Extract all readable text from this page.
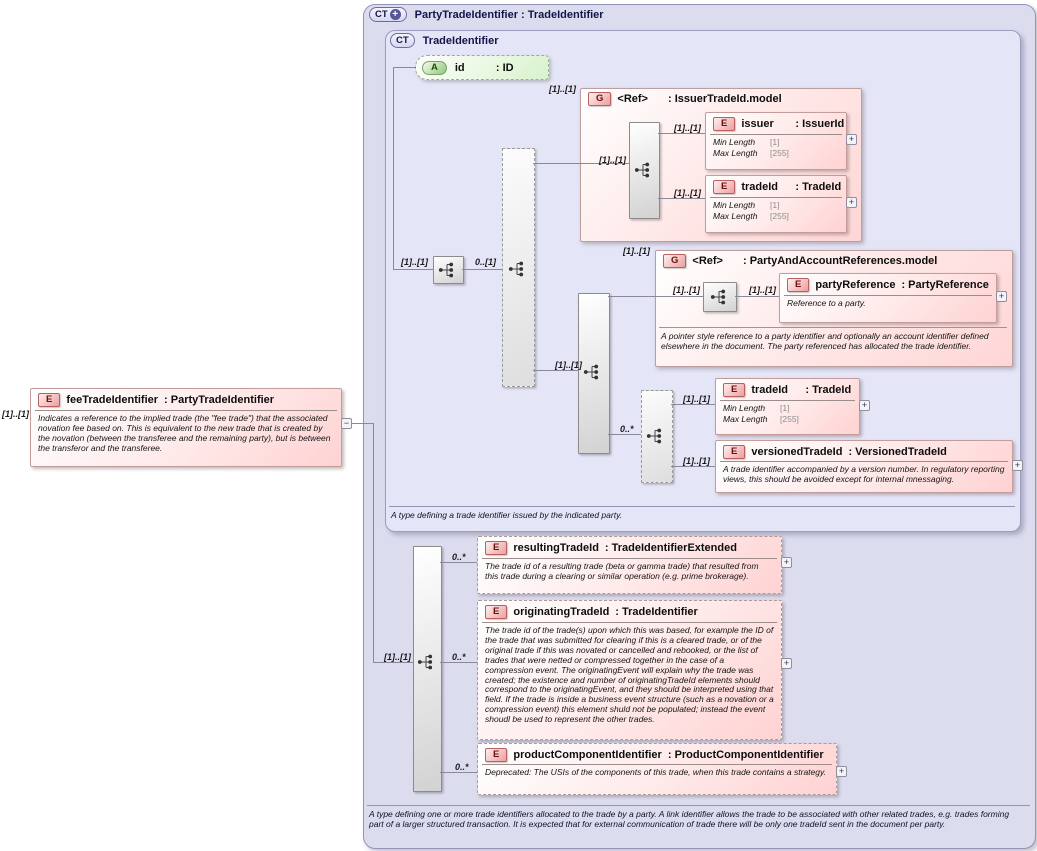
CT + PartyTradeIdentifier : TradeIdentifier
CT TradeIdentifier
G	<Ref> : IssuerTradeId.model
G	<Ref> : PartyAndAccountReferences.model
A pointer style reference to a party identifier and optionally an account identifier defined elsewhere in the document. The party referenced has allocated the trade identifier.
A	id	: ID
E	feeTradeIdentifier : PartyTradeIdentifier
Indicates a reference to the implied trade (the "fee trade") that the associated novation fee based on. This is equivalent to the new trade that is created by the novation (between the transferee and the remaining party), but is between the transferor and the transferee.
E	issuer	: IssuerId
Min Length	[1]
Max Length	[255]
E	tradeId	: TradeId
Min Length	[1]
Max Length	[255]
E	partyReference : PartyReference
Reference to a party.
E	tradeId	: TradeId
Min Length	[1]
Max Length	[255]
E	versionedTradeId : VersionedTradeId
A trade identifier accompanied by a version number. In regulatory reporting views, this should be avoided except for internal mnessaging.
E	resultingTradeId : TradeIdentifierExtended
The trade id of a resulting trade (beta or gamma trade) that resulted from this trade during a clearing or similar operation (e.g. prime brokerage).
E	originatingTradeId : TradeIdentifier
The trade id of the trade(s) upon which this was based, for example the ID of the trade that was submitted for clearing if this is a cleared trade, or of the original trade if this was novated or cancelled and rebooked, or the list of trades that were netted or compressed together in the case of a compression event. The originatingEvent will explain why the trade was created; the existence and number of originatingTradeId elements should correspond to the originatingEvent, and they should be interpreted using that field. If the trade is inside a business event structure (such as a novation or a compression event) this element shuld not be populated; instead the event shoudl be used to represent the other trades.
E	productComponentIdentifier : ProductComponentIdentifier
Deprecated: The USIs of the components of this trade, when this trade contains a strategy.
[1]..[1]
[1]..[1]	0..[1]
[1]..[1]
[1]..[1]
[1]..[1]
[1]..[1]
[1]..[1]
[1]..[1]
[1]..[1]	[1]..[1]
0..*
[1]..[1]
[1]..[1]
[1]..[1]
0..*
0..*
0..*
−
+
+
+
+
+
+
+
+
A type defining a trade identifier issued by the indicated party.
A type defining one or more trade identifiers allocated to the trade by a party. A link identifier allows the trade to be associated with other related trades, e.g. trades forming part of a larger structured transaction. It is expected that for external communication of trade there will be only one tradeId sent in the document per party.
